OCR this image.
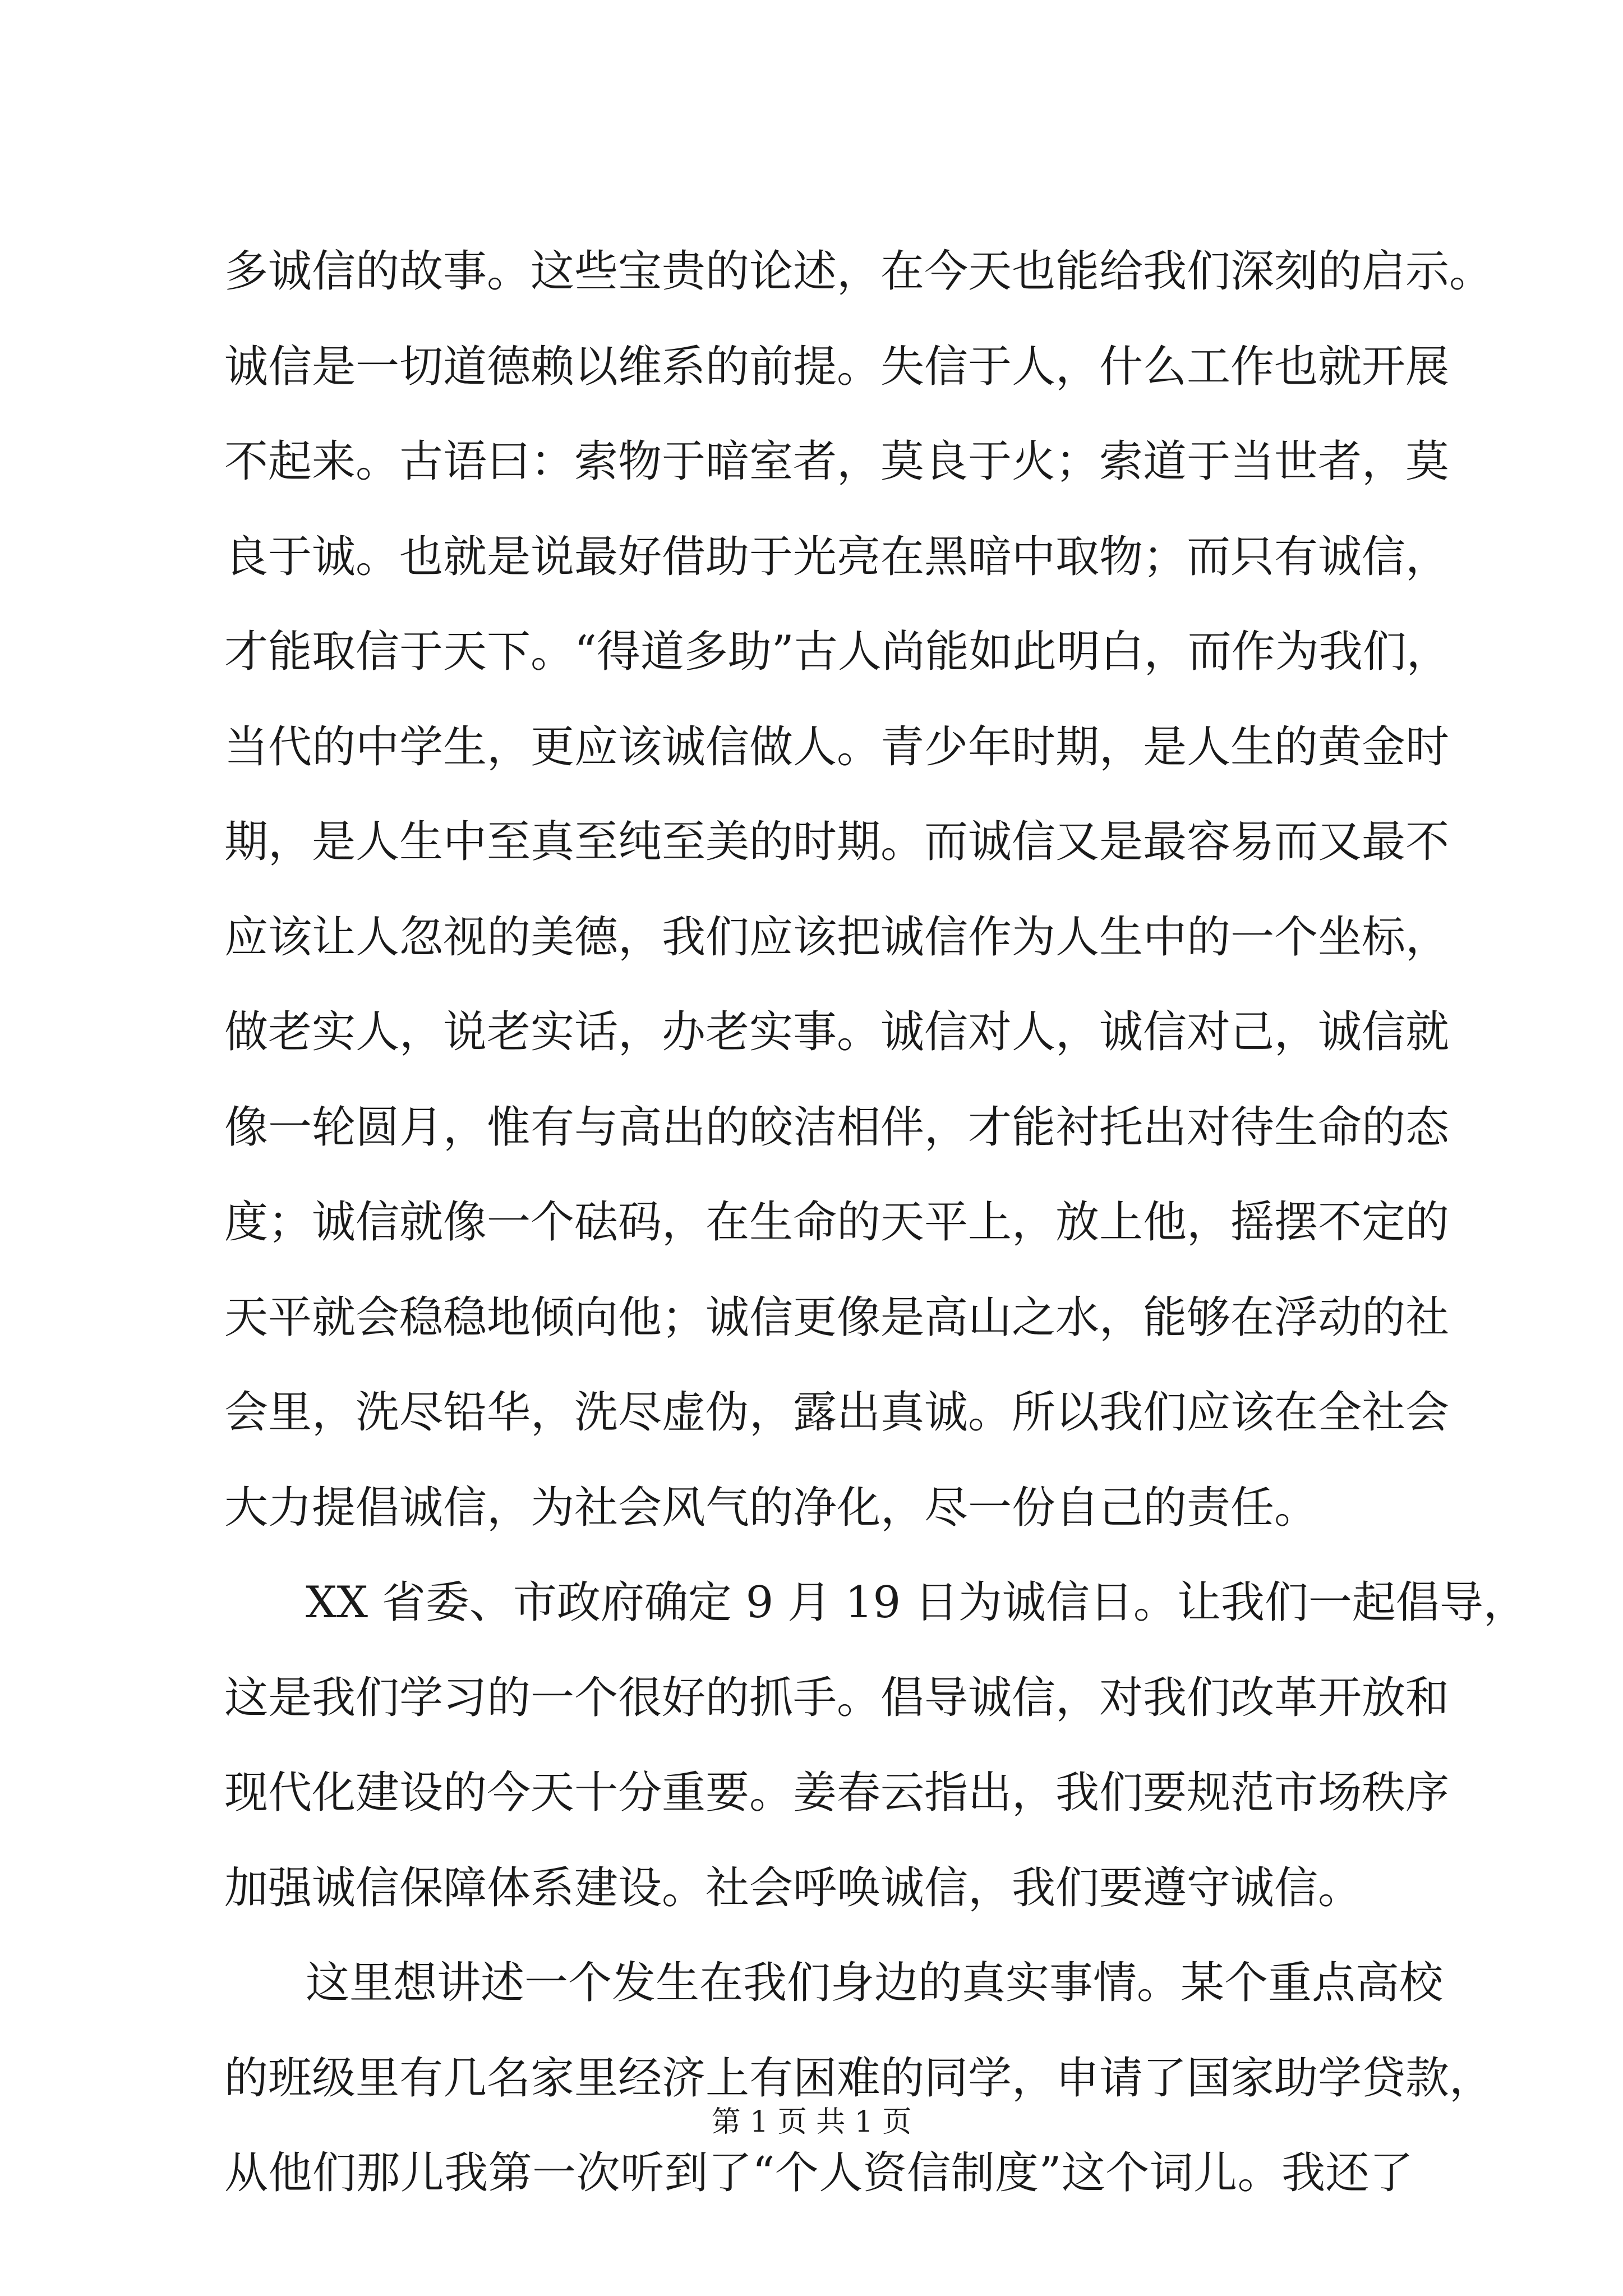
多诚信的故事。这些宝贵的论述，在今天也能给我们深刻的启示。
诚信是一切道德赖以维系的前提。失信于人，什么工作也就开展
不起来。古语曰：索物于暗室者，莫良于火；索道于当世者，莫
良于诚。也就是说最好借助于光亮在黑暗中取物；而只有诚信，
才能取信于天下。“得道多助”古人尚能如此明白，而作为我们，
当代的中学生，更应该诚信做人。青少年时期，是人生的黄金时
期，是人生中至真至纯至美的时期。而诚信又是最容易而又最不
应该让人忽视的美德，我们应该把诚信作为人生中的一个坐标，
做老实人，说老实话，办老实事。诚信对人，诚信对己，诚信就
像一轮圆月，惟有与高出的皎洁相伴，才能衬托出对待生命的态
度；诚信就像一个砝码，在生命的天平上，放上他，摇摆不定的
天平就会稳稳地倾向他；诚信更像是高山之水，能够在浮动的社
会里，洗尽铅华，洗尽虚伪，露出真诚。所以我们应该在全社会
大力提倡诚信，为社会风气的净化，尽一份自己的责任。
XX 省委、市政府确定 9 月 19 日为诚信日。让我们一起倡导，
这是我们学习的一个很好的抓手。倡导诚信，对我们改革开放和
现代化建设的今天十分重要。姜春云指出，我们要规范市场秩序
加强诚信保障体系建设。社会呼唤诚信，我们要遵守诚信。
这里想讲述一个发生在我们身边的真实事情。某个重点高校
的班级里有几名家里经济上有困难的同学，申请了国家助学贷款，
从他们那儿我第一次听到了“个人资信制度”这个词儿。我还了
第 1 页 共 1 页
